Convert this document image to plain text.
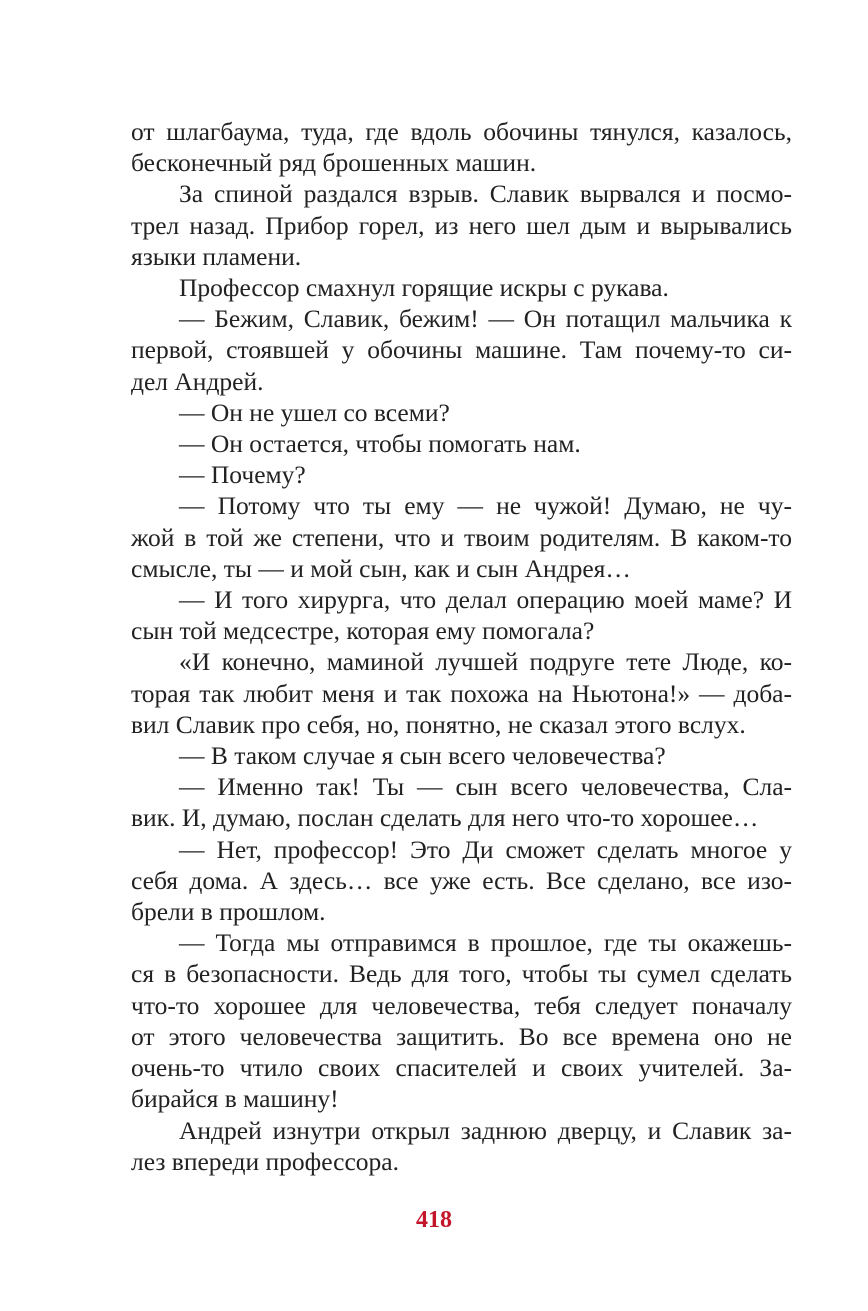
от шлагбаума, туда, где вдоль обочины тянулся, казалось,
бесконечный ряд брошенных машин.
За спиной раздался взрыв. Славик вырвался и посмо-
трел назад. Прибор горел, из него шел дым и вырывались
языки пламени.
Профессор смахнул горящие искры с рукава.
— Бежим, Славик, бежим! — Он потащил мальчика к
первой, стоявшей у обочины машине. Там почему-то си-
дел Андрей.
— Он не ушел со всеми?
— Он остается, чтобы помогать нам.
— Почему?
— Потому что ты ему — не чужой! Думаю, не чу-
жой в той же степени, что и твоим родителям. В каком-то
смысле, ты — и мой сын, как и сын Андрея…
— И того хирурга, что делал операцию моей маме? И
сын той медсестре, которая ему помогала?
«И конечно, маминой лучшей подруге тете Люде, ко-
торая так любит меня и так похожа на Ньютона!» — доба-
вил Славик про себя, но, понятно, не сказал этого вслух.
— В таком случае я сын всего человечества?
— Именно так! Ты — сын всего человечества, Сла-
вик. И, думаю, послан сделать для него что-то хорошее…
— Нет, профессор! Это Ди сможет сделать многое у
себя дома. А здесь… все уже есть. Все сделано, все изо-
брели в прошлом.
— Тогда мы отправимся в прошлое, где ты окажешь-
ся в безопасности. Ведь для того, чтобы ты сумел сделать
что-то хорошее для человечества, тебя следует поначалу
от этого человечества защитить. Во все времена оно не
очень-то чтило своих спасителей и своих учителей. За-
бирайся в машину!
Андрей изнутри открыл заднюю дверцу, и Славик за-
лез впереди профессора.
418
